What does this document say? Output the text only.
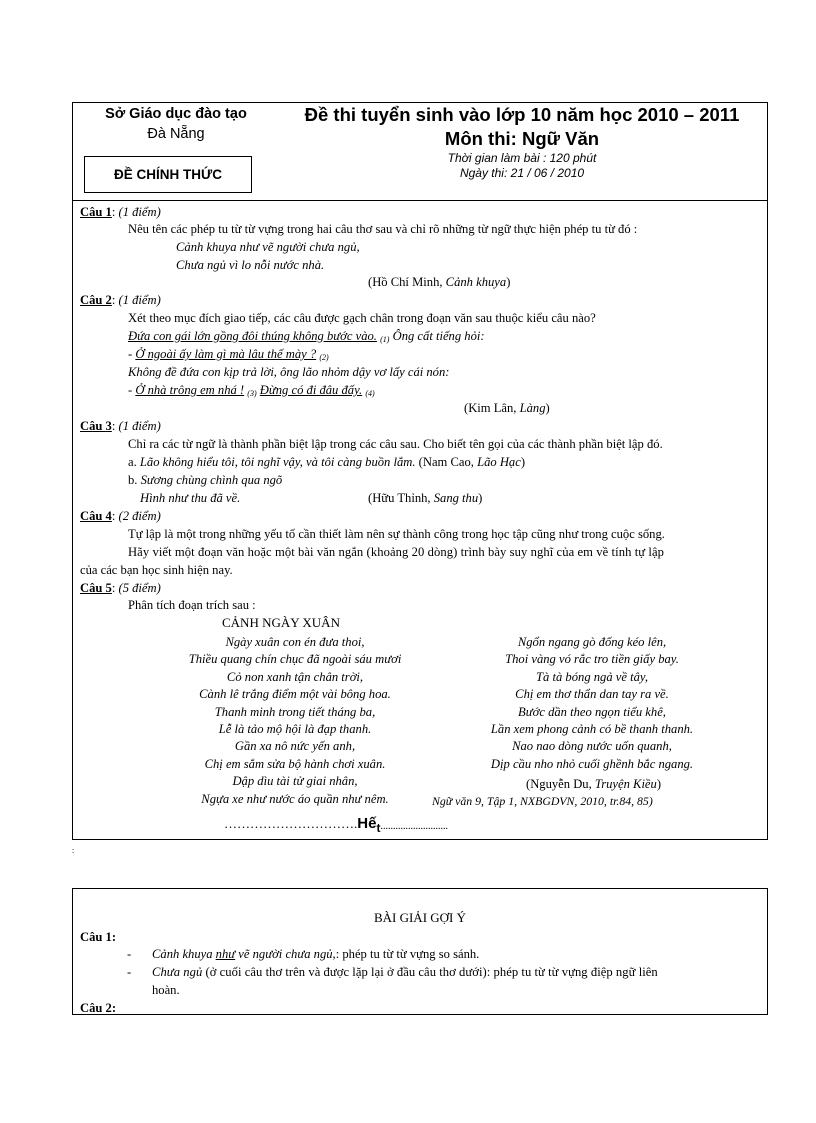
Sở Giáo dục đào tạo
Đà Nẵng
ĐỀ CHÍNH THỨC
Đề thi tuyển sinh vào lớp 10 năm học 2010 – 2011
Môn thi: Ngữ Văn
Thời gian làm bài : 120 phút
Ngày thi: 21 / 06 / 2010
Câu 1: (1 điểm)
Nêu tên các phép tu từ từ vựng trong hai câu thơ sau và chỉ rõ những từ ngữ thực hiện phép tu từ đó :
Cảnh khuya như vẽ người chưa ngủ,
Chưa ngủ vì lo nỗi nước nhà.
(Hồ Chí Minh, Cảnh khuya)
Câu 2: (1 điểm)
Xét theo mục đích giao tiếp, các câu được gạch chân trong đoạn văn sau thuộc kiểu câu nào?
Đứa con gái lớn gồng đôi thúng không bước vào. $_{(1)}$ Ông cất tiếng hỏi:
- Ở ngoài ấy làm gì mà lâu thế mày ? $_{(2)}$
Không đề đứa con kịp trả lời, ông lão nhỏm dậy vơ lấy cái nón:
- Ở nhà trông em nhá ! $_{(3)}$ Đừng có đi đâu đấy. $_{(4)}$
(Kim Lân, Làng)
Câu 3: (1 điểm)
Chỉ ra các từ ngữ là thành phần biệt lập trong các câu sau. Cho biết tên gọi của các thành phần biệt lập đó.
a. Lão không hiểu tôi, tôi nghĩ vậy, và tôi càng buồn lắm. (Nam Cao, Lão Hạc)
b. Sương chùng chình qua ngõ
Hình như thu đã về.	(Hữu Thỉnh, Sang thu)
Câu 4: (2 điểm)
Tự lập là một trong những yếu tố cần thiết làm nên sự thành công trong học tập cũng như trong cuộc sống.
Hãy viết một đoạn văn hoặc một bài văn ngắn (khoảng 20 dòng) trình bày suy nghĩ của em về tính tự lập
của các bạn học sinh hiện nay.
Câu 5: (5 điểm)
Phân tích đoạn trích sau :
CẢNH NGÀY XUÂN
Ngày xuân con én đưa thoi,
Thiều quang chín chục đã ngoài sáu mươi
Cỏ non xanh tận chân trời,
Cành lê trắng điểm một vài bông hoa.
Thanh minh trong tiết tháng ba,
Lễ là tảo mộ hội là đạp thanh.
Gần xa nô nức yến anh,
Chị em sắm sửa bộ hành chơi xuân.
Dập dìu tài tử giai nhân,
Ngựa xe như nước áo quần như nêm.
Ngổn ngang gò đống kéo lên,
Thoi vàng vó rắc tro tiền giấy bay.
Tà tà bóng ngả về tây,
Chị em thơ thẩn dan tay ra về.
Bước dần theo ngọn tiểu khê,
Lần xem phong cảnh có bề thanh thanh.
Nao nao dòng nước uốn quanh,
Dịp cầu nho nhỏ cuối ghềnh bắc ngang.
(Nguyễn Du, Truyện Kiều)
Ngữ văn 9, Tập 1, NXBGDVN, 2010, tr.84, 85)
………………………….Hết...........................
:
BÀI GIẢI GỢI Ý
Câu 1:
- Cảnh khuya như vẽ người chưa ngủ,: phép tu từ từ vựng so sánh.
- Chưa ngủ (ở cuối câu thơ trên và được lặp lại ở đầu câu thơ dưới): phép tu từ từ vựng điệp ngữ liên
hoàn.
Câu 2:
